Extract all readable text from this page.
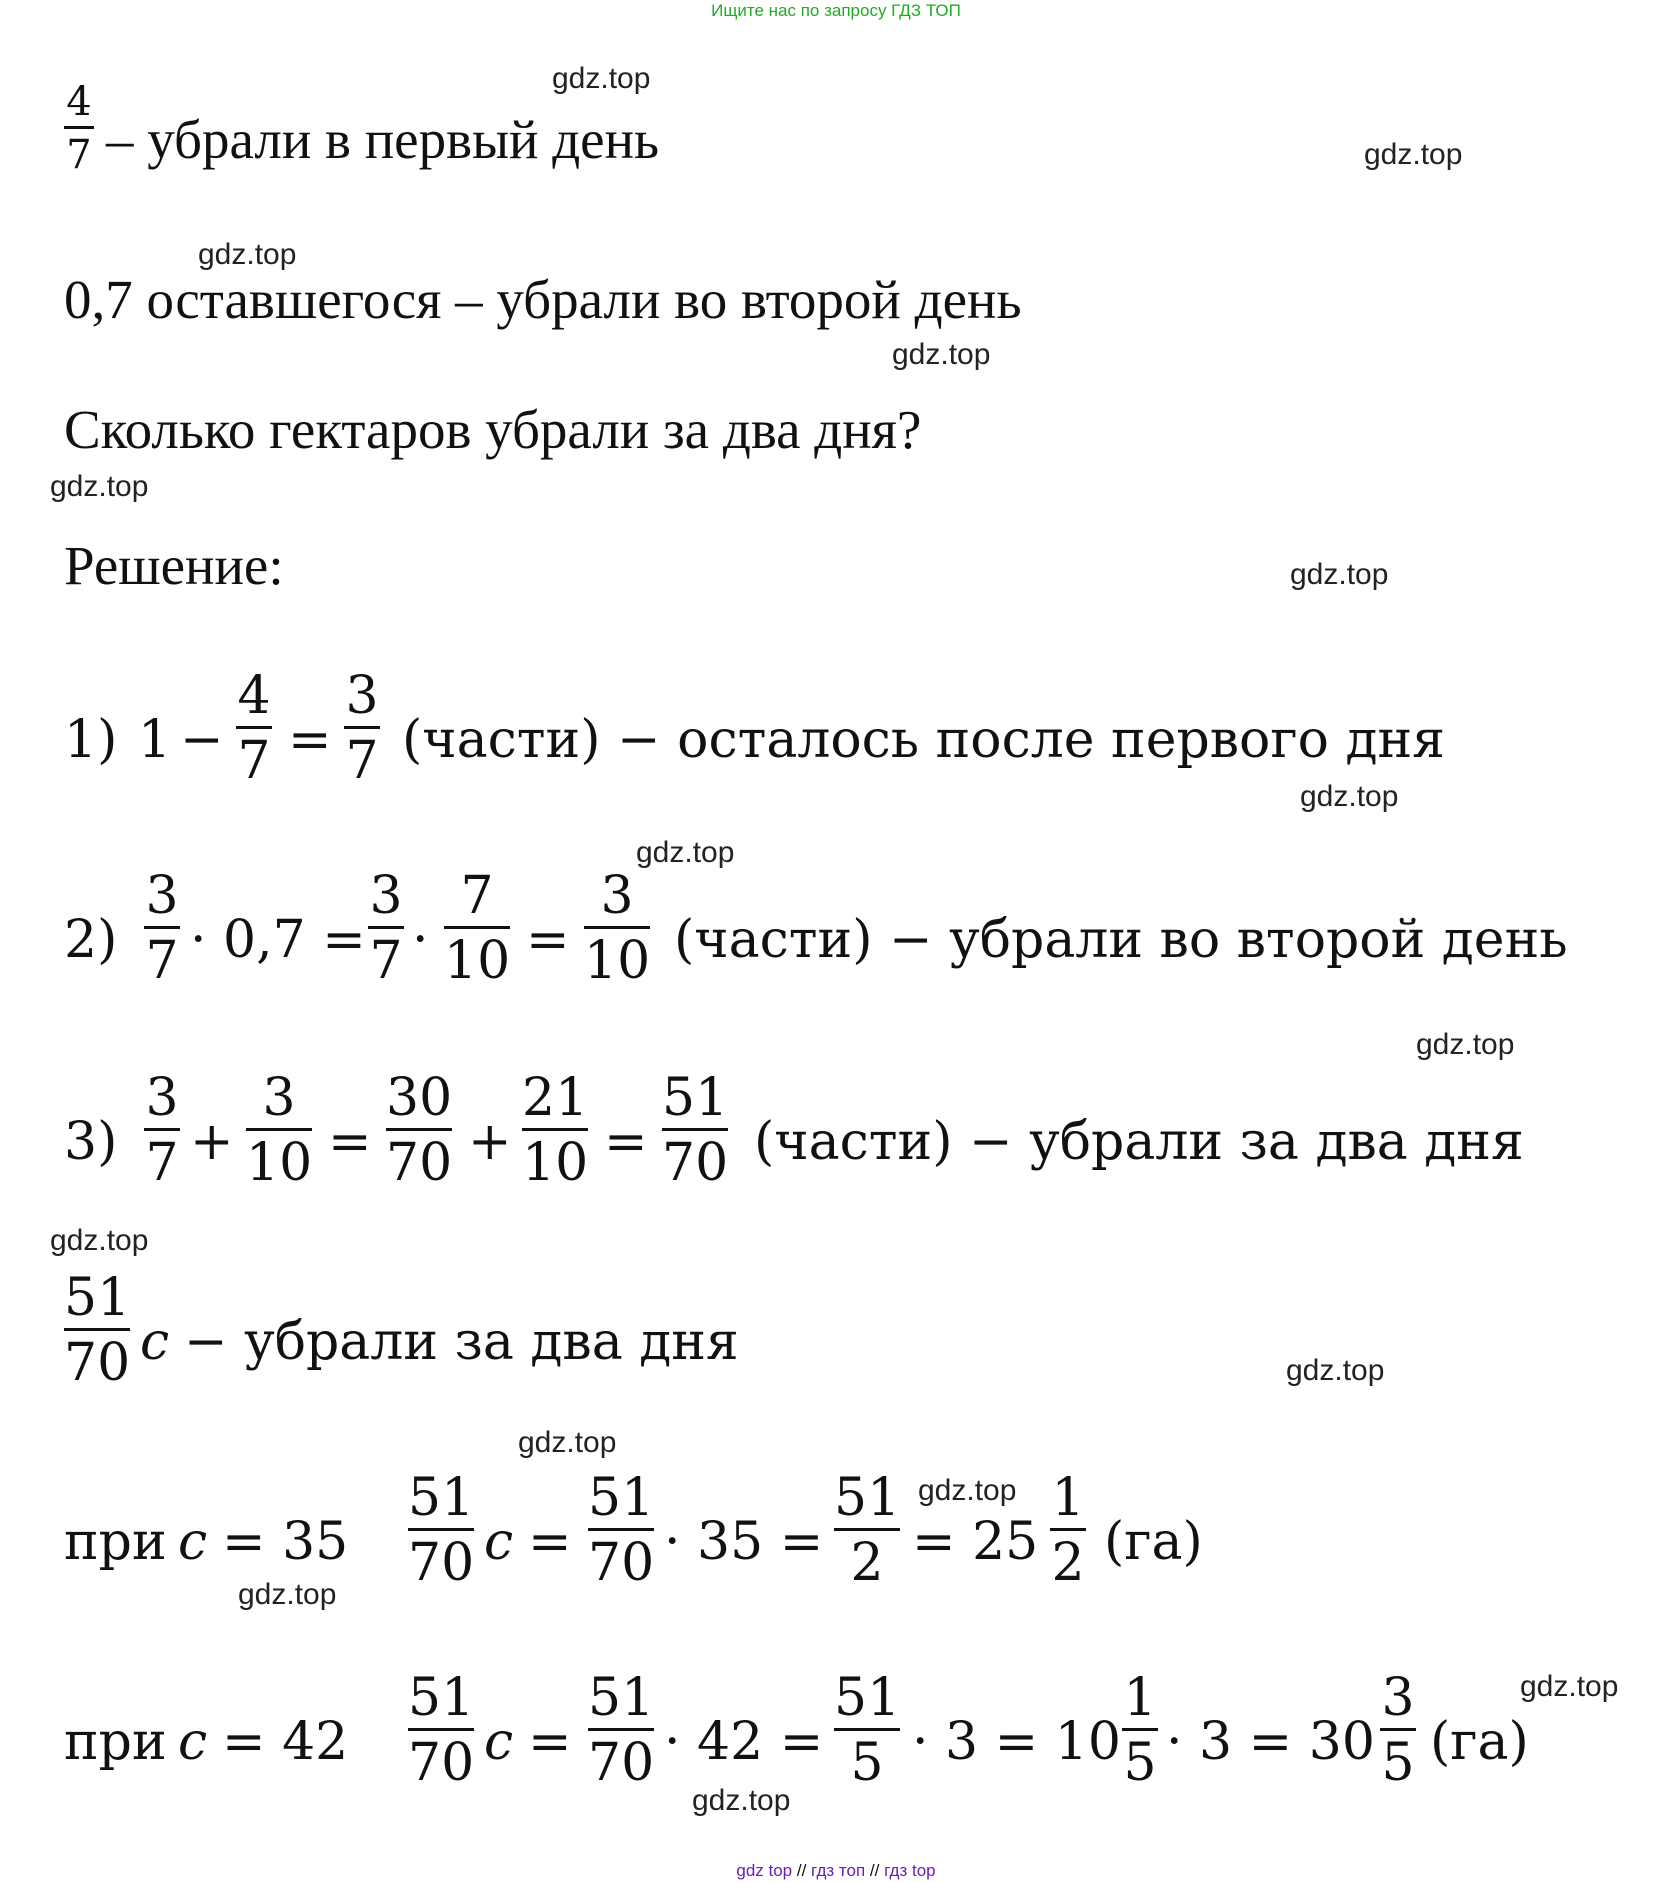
Ищите нас по запросу ГДЗ ТОП
gdz.top
gdz.top
gdz.top
gdz.top
gdz.top
gdz.top
gdz.top
gdz.top
gdz.top
gdz.top
gdz.top
gdz.top
gdz.top
gdz.top
gdz.top
gdz.top
4
7 – убрали в первый день
0,7 оставшегося – убрали во второй день
Сколько гектаров убрали за два дня?
Решение:
1) 1 −
4
7 =
3
7 (части) − осталось после первого дня
2)
3
7 · 0,7 =
3
7 ·
7
10 =
3
10 (части) − убрали во второй день
3)
3
7 +
3
10 =
30
70 +
21
10 =
51
70 (части) − убрали за два дня
51
70 c − убрали за два дня
при c = 35
51
70 c =
51
70 · 35 =
51
2 = 25
1
2 (га)
при c = 42
51
70 c =
51
70 · 42 =
51
5 · 3 = 10
1
5 · 3 = 30
3
5 (га)
gdz top // гдз топ // гдз top
